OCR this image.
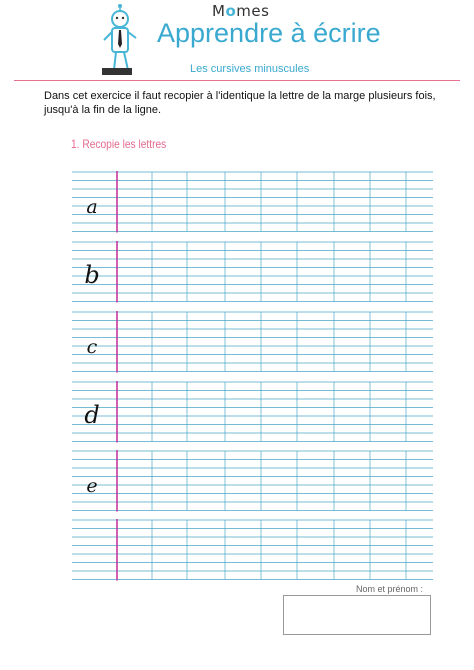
Momes
Apprendre à écrire
Les cursives minuscules
Dans cet exercice il faut recopier à l'identique la lettre de la marge plusieurs fois, jusqu'à la fin de la ligne.
1. Recopie les lettres
a
b
c
d
e
Nom et prénom :
